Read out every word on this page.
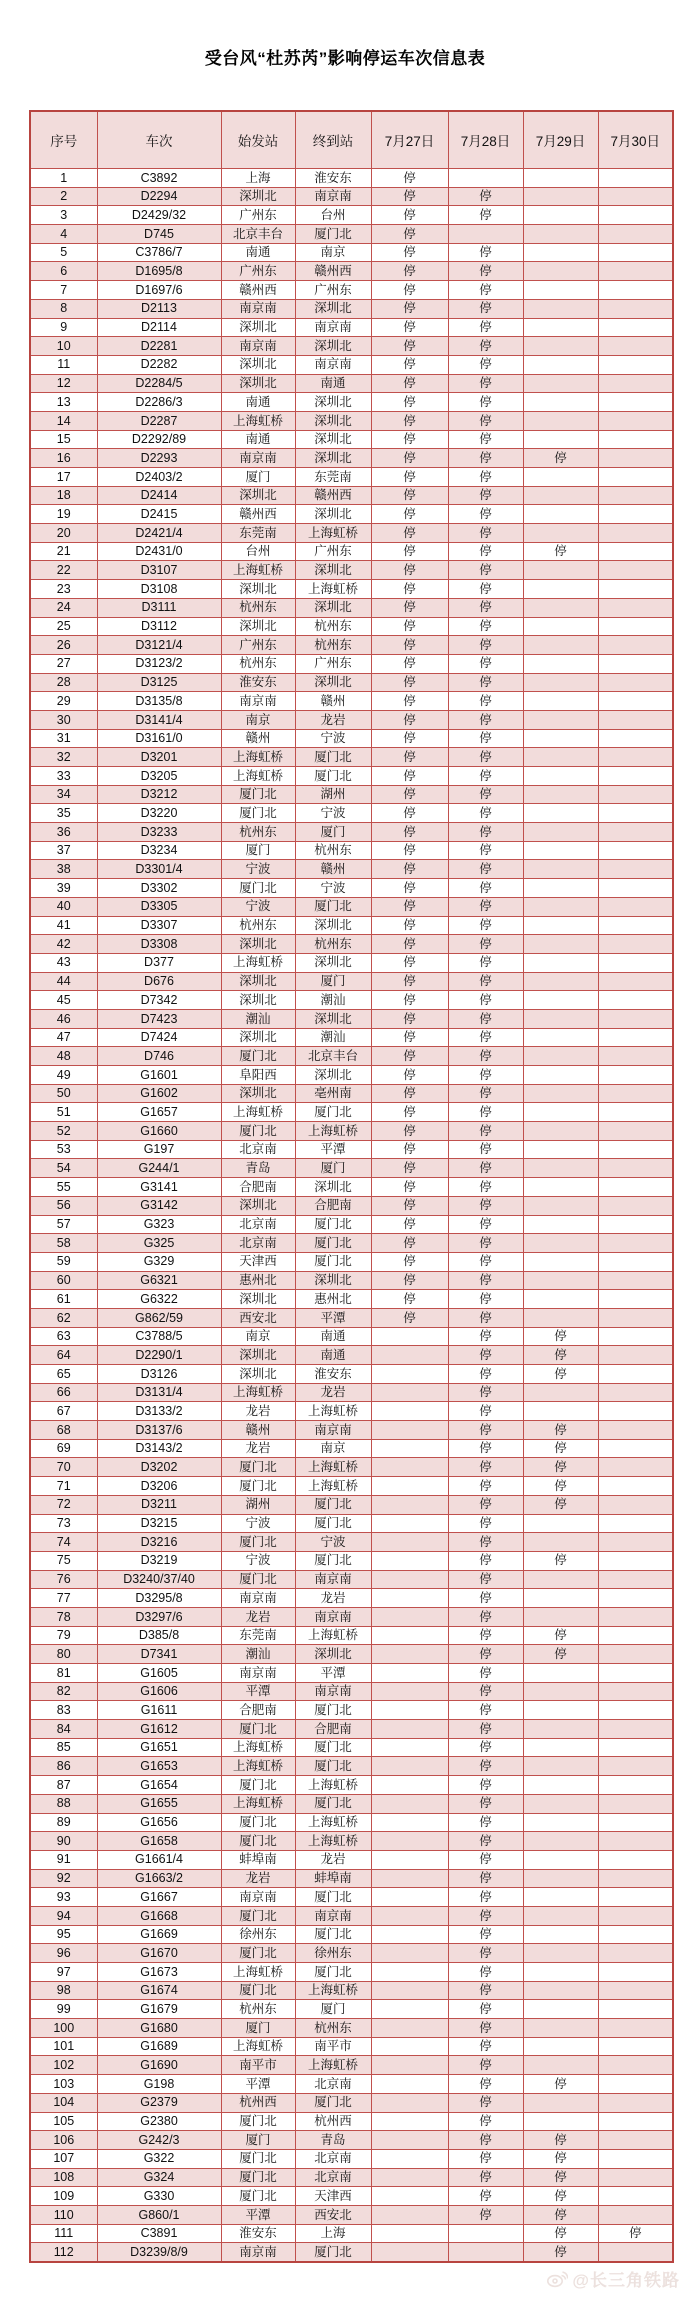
受台风“杜苏芮”影响停运车次信息表
序号	车次	始发站	终到站	7月27日	7月28日	7月29日	7月30日
1	C3892	上海	淮安东	停			
2	D2294	深圳北	南京南	停	停		
3	D2429/32	广州东	台州	停	停		
4	D745	北京丰台	厦门北	停			
5	C3786/7	南通	南京	停	停		
6	D1695/8	广州东	赣州西	停	停		
7	D1697/6	赣州西	广州东	停	停		
8	D2113	南京南	深圳北	停	停		
9	D2114	深圳北	南京南	停	停		
10	D2281	南京南	深圳北	停	停		
11	D2282	深圳北	南京南	停	停		
12	D2284/5	深圳北	南通	停	停		
13	D2286/3	南通	深圳北	停	停		
14	D2287	上海虹桥	深圳北	停	停		
15	D2292/89	南通	深圳北	停	停		
16	D2293	南京南	深圳北	停	停	停	
17	D2403/2	厦门	东莞南	停	停		
18	D2414	深圳北	赣州西	停	停		
19	D2415	赣州西	深圳北	停	停		
20	D2421/4	东莞南	上海虹桥	停	停		
21	D2431/0	台州	广州东	停	停	停	
22	D3107	上海虹桥	深圳北	停	停		
23	D3108	深圳北	上海虹桥	停	停		
24	D3111	杭州东	深圳北	停	停		
25	D3112	深圳北	杭州东	停	停		
26	D3121/4	广州东	杭州东	停	停		
27	D3123/2	杭州东	广州东	停	停		
28	D3125	淮安东	深圳北	停	停		
29	D3135/8	南京南	赣州	停	停		
30	D3141/4	南京	龙岩	停	停		
31	D3161/0	赣州	宁波	停	停		
32	D3201	上海虹桥	厦门北	停	停		
33	D3205	上海虹桥	厦门北	停	停		
34	D3212	厦门北	湖州	停	停		
35	D3220	厦门北	宁波	停	停		
36	D3233	杭州东	厦门	停	停		
37	D3234	厦门	杭州东	停	停		
38	D3301/4	宁波	赣州	停	停		
39	D3302	厦门北	宁波	停	停		
40	D3305	宁波	厦门北	停	停		
41	D3307	杭州东	深圳北	停	停		
42	D3308	深圳北	杭州东	停	停		
43	D377	上海虹桥	深圳北	停	停		
44	D676	深圳北	厦门	停	停		
45	D7342	深圳北	潮汕	停	停		
46	D7423	潮汕	深圳北	停	停		
47	D7424	深圳北	潮汕	停	停		
48	D746	厦门北	北京丰台	停	停		
49	G1601	阜阳西	深圳北	停	停		
50	G1602	深圳北	亳州南	停	停		
51	G1657	上海虹桥	厦门北	停	停		
52	G1660	厦门北	上海虹桥	停	停		
53	G197	北京南	平潭	停	停		
54	G244/1	青岛	厦门	停	停		
55	G3141	合肥南	深圳北	停	停		
56	G3142	深圳北	合肥南	停	停		
57	G323	北京南	厦门北	停	停		
58	G325	北京南	厦门北	停	停		
59	G329	天津西	厦门北	停	停		
60	G6321	惠州北	深圳北	停	停		
61	G6322	深圳北	惠州北	停	停		
62	G862/59	西安北	平潭	停	停		
63	C3788/5	南京	南通		停	停	
64	D2290/1	深圳北	南通		停	停	
65	D3126	深圳北	淮安东		停	停	
66	D3131/4	上海虹桥	龙岩		停		
67	D3133/2	龙岩	上海虹桥		停		
68	D3137/6	赣州	南京南		停	停	
69	D3143/2	龙岩	南京		停	停	
70	D3202	厦门北	上海虹桥		停	停	
71	D3206	厦门北	上海虹桥		停	停	
72	D3211	湖州	厦门北		停	停	
73	D3215	宁波	厦门北		停		
74	D3216	厦门北	宁波		停		
75	D3219	宁波	厦门北		停	停	
76	D3240/37/40	厦门北	南京南		停		
77	D3295/8	南京南	龙岩		停		
78	D3297/6	龙岩	南京南		停		
79	D385/8	东莞南	上海虹桥		停	停	
80	D7341	潮汕	深圳北		停	停	
81	G1605	南京南	平潭		停		
82	G1606	平潭	南京南		停		
83	G1611	合肥南	厦门北		停		
84	G1612	厦门北	合肥南		停		
85	G1651	上海虹桥	厦门北		停		
86	G1653	上海虹桥	厦门北		停		
87	G1654	厦门北	上海虹桥		停		
88	G1655	上海虹桥	厦门北		停		
89	G1656	厦门北	上海虹桥		停		
90	G1658	厦门北	上海虹桥		停		
91	G1661/4	蚌埠南	龙岩		停		
92	G1663/2	龙岩	蚌埠南		停		
93	G1667	南京南	厦门北		停		
94	G1668	厦门北	南京南		停		
95	G1669	徐州东	厦门北		停		
96	G1670	厦门北	徐州东		停		
97	G1673	上海虹桥	厦门北		停		
98	G1674	厦门北	上海虹桥		停		
99	G1679	杭州东	厦门		停		
100	G1680	厦门	杭州东		停		
101	G1689	上海虹桥	南平市		停		
102	G1690	南平市	上海虹桥		停		
103	G198	平潭	北京南		停	停	
104	G2379	杭州西	厦门北		停		
105	G2380	厦门北	杭州西		停		
106	G242/3	厦门	青岛		停	停	
107	G322	厦门北	北京南		停	停	
108	G324	厦门北	北京南		停	停	
109	G330	厦门北	天津西		停	停	
110	G860/1	平潭	西安北		停	停	
111	C3891	淮安东	上海			停	停
112	D3239/8/9	南京南	厦门北			停	
@长三角铁路
